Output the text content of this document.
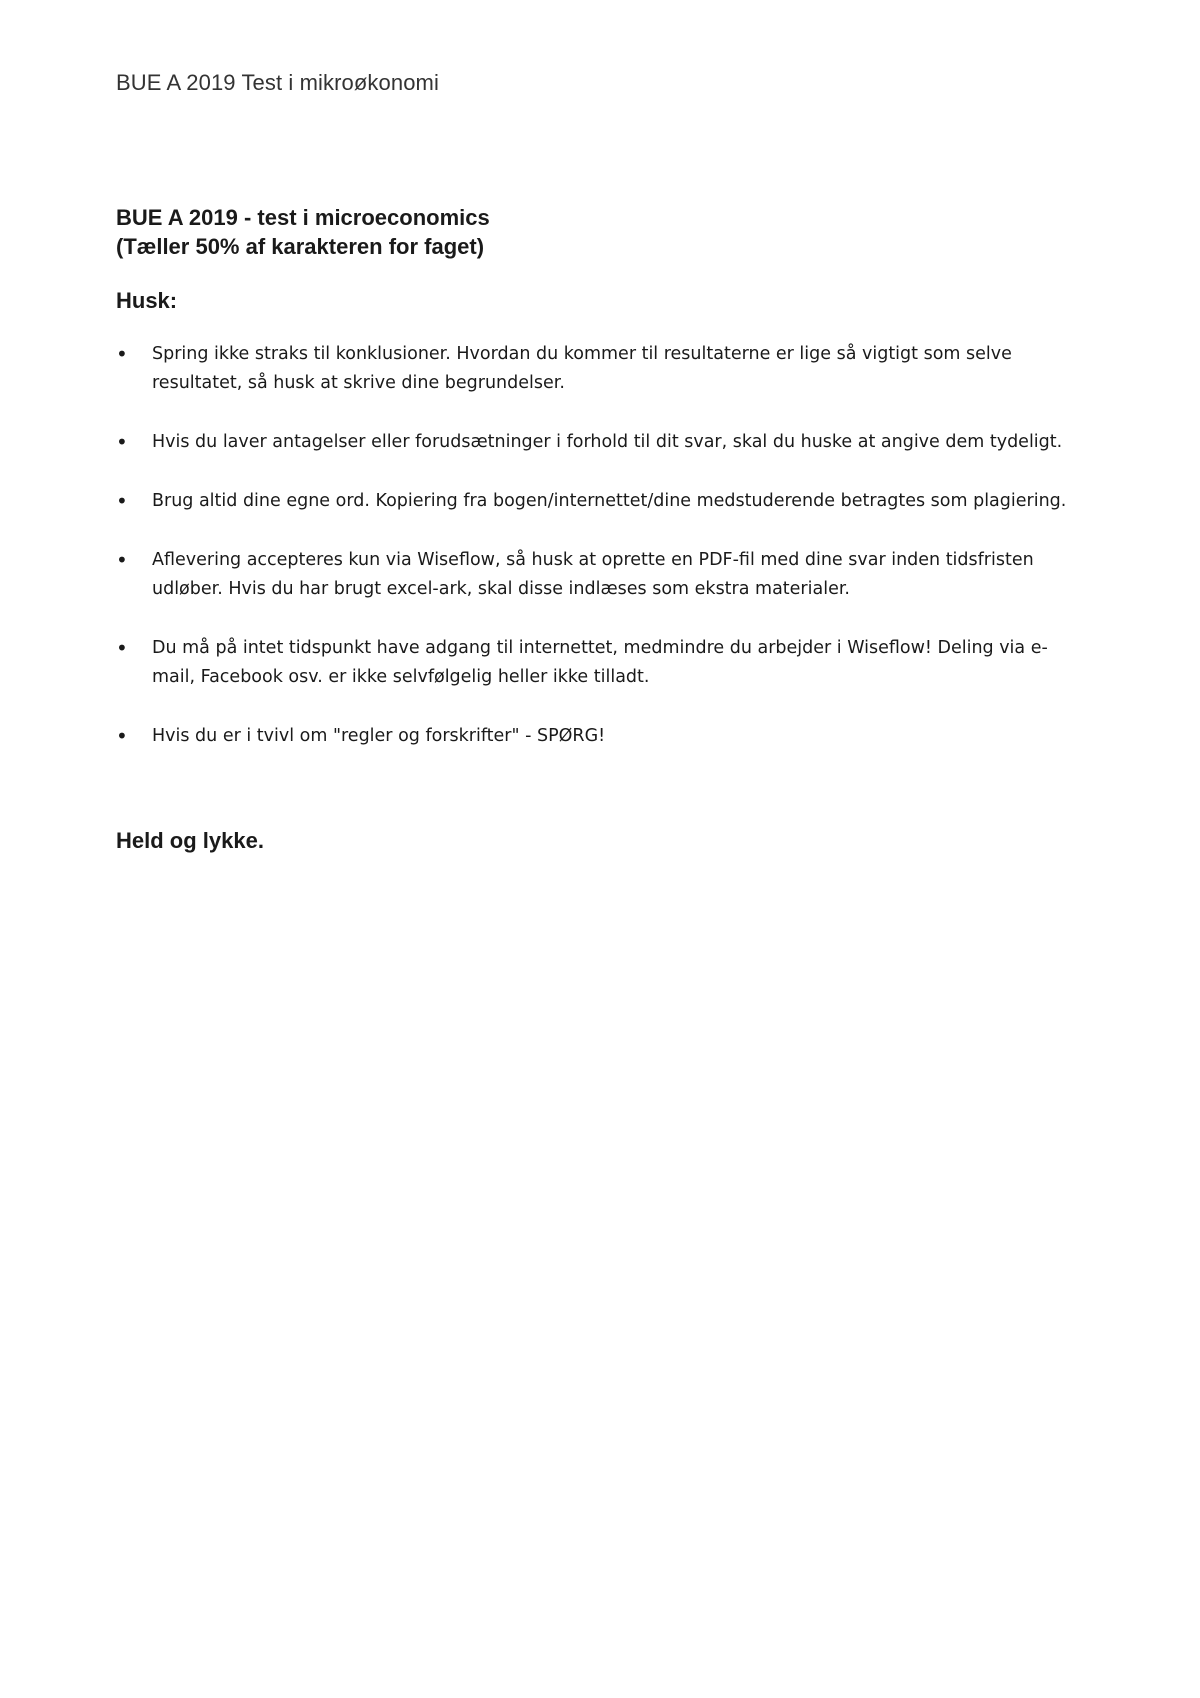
BUE A 2019 Test i mikroøkonomi
BUE A 2019 - test i microeconomics
(Tæller 50% af karakteren for faget)
Husk:
•	Spring ikke straks til konklusioner. Hvordan du kommer til resultaterne er lige så vigtigt som selve resultatet, så husk at skrive dine begrundelser.
•	Hvis du laver antagelser eller forudsætninger i forhold til dit svar, skal du huske at angive dem tydeligt.
•	Brug altid dine egne ord. Kopiering fra bogen/internettet/dine medstuderende betragtes som plagiering.
•	Aflevering accepteres kun via Wiseflow, så husk at oprette en PDF-fil med dine svar inden tidsfristen udløber. Hvis du har brugt excel-ark, skal disse indlæses som ekstra materialer.
•	Du må på intet tidspunkt have adgang til internettet, medmindre du arbejder i Wiseflow! Deling via e-mail, Facebook osv. er ikke selvfølgelig heller ikke tilladt.
•	Hvis du er i tvivl om "regler og forskrifter" - SPØRG!
Held og lykke.
